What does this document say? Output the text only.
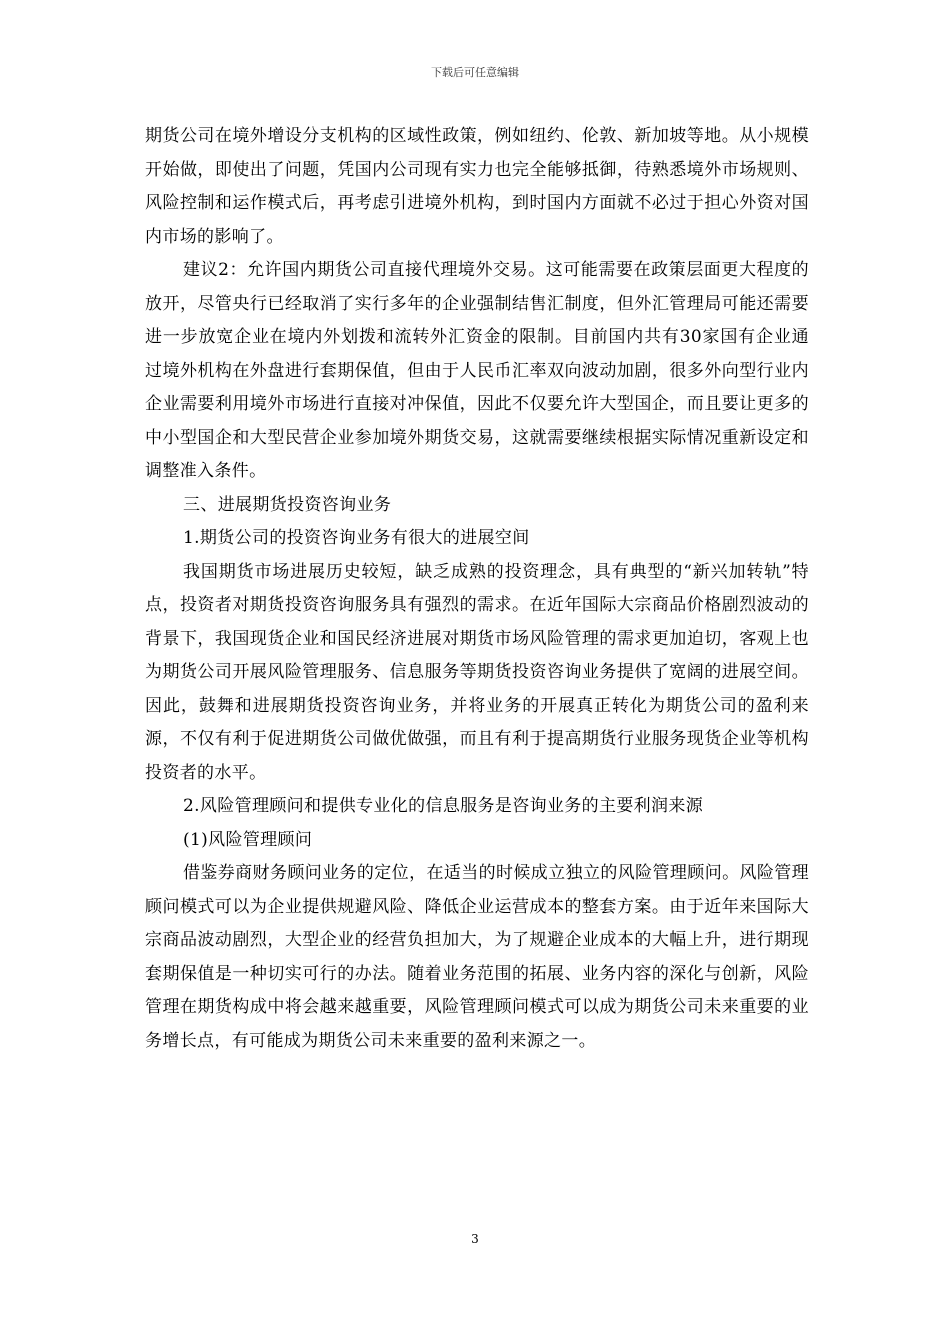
下载后可任意编辑

期货公司在境外增设分支机构的区域性政策，例如纽约、伦敦、新加坡等地。从小规模开始做，即使出了问题，凭国内公司现有实力也完全能够抵御，待熟悉境外市场规则、风险控制和运作模式后，再考虑引进境外机构，到时国内方面就不必过于担心外资对国内市场的影响了。

建议2：允许国内期货公司直接代理境外交易。这可能需要在政策层面更大程度的放开，尽管央行已经取消了实行多年的企业强制结售汇制度，但外汇管理局可能还需要进一步放宽企业在境内外划拨和流转外汇资金的限制。目前国内共有30家国有企业通过境外机构在外盘进行套期保值，但由于人民币汇率双向波动加剧，很多外向型行业内企业需要利用境外市场进行直接对冲保值，因此不仅要允许大型国企，而且要让更多的中小型国企和大型民营企业参加境外期货交易，这就需要继续根据实际情况重新设定和调整准入条件。

三、进展期货投资咨询业务

1.期货公司的投资咨询业务有很大的进展空间

我国期货市场进展历史较短，缺乏成熟的投资理念，具有典型的“新兴加转轨”特点，投资者对期货投资咨询服务具有强烈的需求。在近年国际大宗商品价格剧烈波动的背景下，我国现货企业和国民经济进展对期货市场风险管理的需求更加迫切，客观上也为期货公司开展风险管理服务、信息服务等期货投资咨询业务提供了宽阔的进展空间。因此，鼓舞和进展期货投资咨询业务，并将业务的开展真正转化为期货公司的盈利来源，不仅有利于促进期货公司做优做强，而且有利于提高期货行业服务现货企业等机构投资者的水平。

2.风险管理顾问和提供专业化的信息服务是咨询业务的主要利润来源

(1)风险管理顾问

借鉴券商财务顾问业务的定位，在适当的时候成立独立的风险管理顾问。风险管理顾问模式可以为企业提供规避风险、降低企业运营成本的整套方案。由于近年来国际大宗商品波动剧烈，大型企业的经营负担加大，为了规避企业成本的大幅上升，进行期现套期保值是一种切实可行的办法。随着业务范围的拓展、业务内容的深化与创新，风险管理在期货构成中将会越来越重要，风险管理顾问模式可以成为期货公司未来重要的业务增长点，有可能成为期货公司未来重要的盈利来源之一。

3
